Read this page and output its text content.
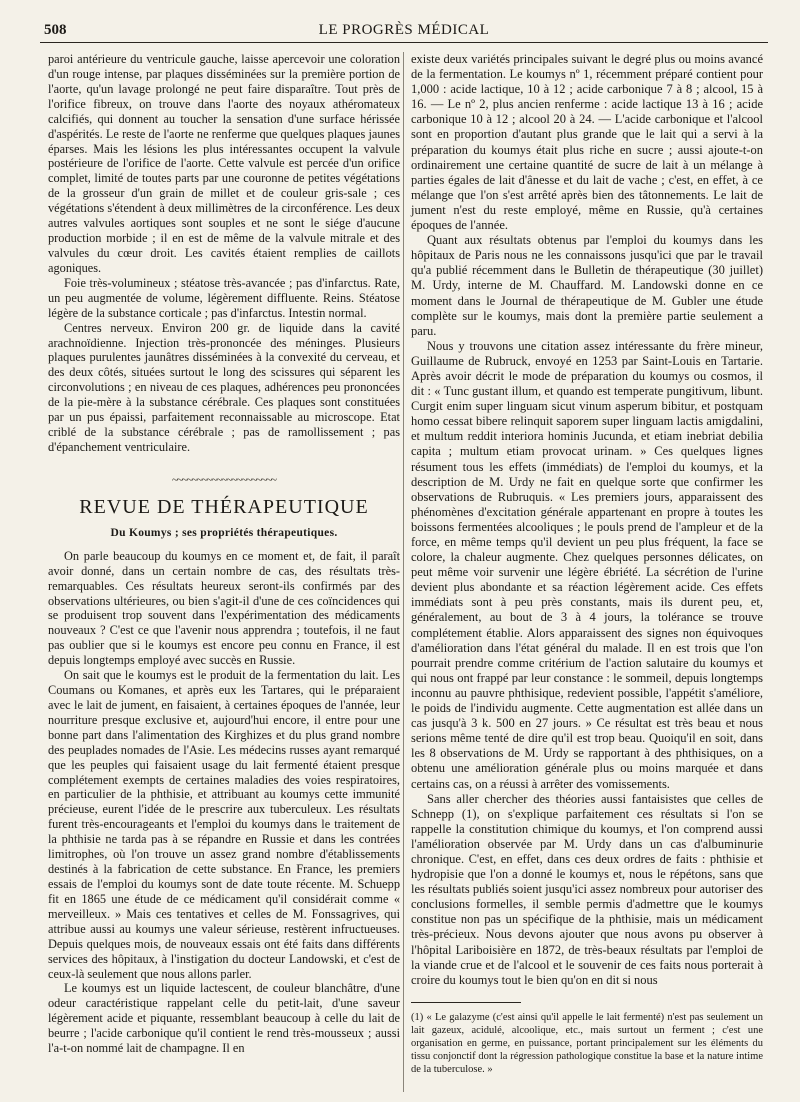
508	LE PROGRÈS MÉDICAL

paroi antérieure du ventricule gauche, laisse apercevoir une coloration d'un rouge intense, par plaques disséminées sur la première portion de l'aorte, qu'un lavage prolongé ne peut faire disparaître. Tout près de l'orifice fibreux, on trouve dans l'aorte des noyaux athéromateux calcifiés, qui donnent au toucher la sensation d'une surface hérissée d'aspérités. Le reste de l'aorte ne renferme que quelques plaques jaunes éparses. Mais les lésions les plus intéressantes occupent la valvule postérieure de l'orifice de l'aorte. Cette valvule est percée d'un orifice complet, limité de toutes parts par une couronne de petites végétations de la grosseur d'un grain de millet et de couleur gris-sale ; ces végétations s'étendent à deux millimètres de la circonférence. Les deux autres valvules aortiques sont souples et ne sont le siége d'aucune production morbide ; il en est de même de la valvule mitrale et des valvules du cœur droit. Les cavités étaient remplies de caillots agoniques.

Foie très-volumineux ; stéatose très-avancée ; pas d'infarctus. Rate, un peu augmentée de volume, légèrement diffluente. Reins. Stéatose légère de la substance corticale ; pas d'infarctus. Intestin normal.

Centres nerveux. Environ 200 gr. de liquide dans la cavité arachnoïdienne. Injection très-prononcée des méninges. Plusieurs plaques purulentes jaunâtres disséminées à la convexité du cerveau, et des deux côtés, situées surtout le long des scissures qui séparent les circonvolutions ; en niveau de ces plaques, adhérences peu prononcées de la pie-mère à la substance cérébrale. Ces plaques sont constituées par un pus épaissi, parfaitement reconnaissable au microscope. Etat criblé de la substance cérébrale ; pas de ramollissement ; pas d'épanchement ventriculaire.

~~~~~~~~~~~~~~~~~~~~~
REVUE DE THÉRAPEUTIQUE
Du Koumys ; ses propriétés thérapeutiques.

On parle beaucoup du koumys en ce moment et, de fait, il paraît avoir donné, dans un certain nombre de cas, des résultats très-remarquables. Ces résultats heureux seront-ils confirmés par des observations ultérieures, ou bien s'agit-il d'une de ces coïncidences qui se produisent trop souvent dans l'expérimentation des médicaments nouveaux ? C'est ce que l'avenir nous apprendra ; toutefois, il ne faut pas oublier que si le koumys est encore peu connu en France, il est depuis longtemps employé avec succès en Russie.

On sait que le koumys est le produit de la fermentation du lait. Les Coumans ou Komanes, et après eux les Tartares, qui le préparaient avec le lait de jument, en faisaient, à certaines époques de l'année, leur nourriture presque exclusive et, aujourd'hui encore, il entre pour une bonne part dans l'alimentation des Kirghizes et du plus grand nombre des peuplades nomades de l'Asie. Les médecins russes ayant remarqué que les peuples qui faisaient usage du lait fermenté étaient presque complétement exempts de certaines maladies des voies respiratoires, en particulier de la phthisie, et attribuant au koumys cette immunité précieuse, eurent l'idée de le prescrire aux tuberculeux. Les résultats furent très-encourageants et l'emploi du koumys dans le traitement de la phthisie ne tarda pas à se répandre en Russie et dans les contrées limitrophes, où l'on trouve un assez grand nombre d'établissements destinés à la fabrication de cette substance. En France, les premiers essais de l'emploi du koumys sont de date toute récente. M. Schuepp fit en 1865 une étude de ce médicament qu'il considérait comme « merveilleux. » Mais ces tentatives et celles de M. Fonssagrives, qui attribue aussi au koumys une valeur sérieuse, restèrent infructueuses. Depuis quelques mois, de nouveaux essais ont été faits dans différents services des hôpitaux, à l'instigation du docteur Landowski, et c'est de ceux-là seulement que nous allons parler.

Le koumys est un liquide lactescent, de couleur blanchâtre, d'une odeur caractéristique rappelant celle du petit-lait, d'une saveur légèrement acide et piquante, ressemblant beaucoup à celle du lait de beurre ; l'acide carbonique qu'il contient le rend très-mousseux ; aussi l'a-t-on nommé lait de champagne. Il en

existe deux variétés principales suivant le degré plus ou moins avancé de la fermentation. Le koumys nº 1, récemment préparé contient pour 1,000 : acide lactique, 10 à 12 ; acide carbonique 7 à 8 ; alcool, 15 à 16. — Le nº 2, plus ancien renferme : acide lactique 13 à 16 ; acide carbonique 10 à 12 ; alcool 20 à 24. — L'acide carbonique et l'alcool sont en proportion d'autant plus grande que le lait qui a servi à la préparation du koumys était plus riche en sucre ; aussi ajoute-t-on ordinairement une certaine quantité de sucre de lait à un mélange à parties égales de lait d'ânesse et du lait de vache ; c'est, en effet, à ce mélange que l'on s'est arrêté après bien des tâtonnements. Le lait de jument n'est du reste employé, même en Russie, qu'à certaines époques de l'année.

Quant aux résultats obtenus par l'emploi du koumys dans les hôpitaux de Paris nous ne les connaissons jusqu'ici que par le travail qu'a publié récemment dans le Bulletin de thérapeutique (30 juillet) M. Urdy, interne de M. Chauffard. M. Landowski donne en ce moment dans le Journal de thérapeutique de M. Gubler une étude complète sur le koumys, mais dont la première partie seulement a paru.

Nous y trouvons une citation assez intéressante du frère mineur, Guillaume de Rubruck, envoyé en 1253 par Saint-Louis en Tartarie. Après avoir décrit le mode de préparation du koumys ou cosmos, il dit : « Tunc gustant illum, et quando est temperate pungitivum, libunt. Curgit enim super linguam sicut vinum asperum bibitur, et postquam homo cessat bibere relinquit saporem super linguam lactis amigdalini, et multum reddit interiora hominis Jucunda, et etiam inebriat debilia capita ; multum etiam provocat urinam. » Ces quelques lignes résument tous les effets (immédiats) de l'emploi du koumys, et la description de M. Urdy ne fait en quelque sorte que confirmer les observations de Rubruquis. « Les premiers jours, apparaissent des phénomènes d'excitation générale appartenant en propre à toutes les boissons fermentées alcooliques ; le pouls prend de l'ampleur et de la force, en même temps qu'il devient un peu plus fréquent, la face se colore, la chaleur augmente. Chez quelques personnes délicates, on peut même voir survenir une légère ébriété. La sécrétion de l'urine devient plus abondante et sa réaction légèrement acide. Ces effets immédiats sont à peu près constants, mais ils durent peu, et, généralement, au bout de 3 à 4 jours, la tolérance se trouve complétement établie. Alors apparaissent des signes non équivoques d'amélioration dans l'état général du malade. Il en est trois que l'on pourrait prendre comme critérium de l'action salutaire du koumys et qui nous ont frappé par leur constance : le sommeil, depuis longtemps inconnu au pauvre phthisique, redevient possible, l'appétit s'améliore, le poids de l'individu augmente. Cette augmentation est allée dans un cas jusqu'à 3 k. 500 en 27 jours. » Ce résultat est très beau et nous serions même tenté de dire qu'il est trop beau. Quoiqu'il en soit, dans les 8 observations de M. Urdy se rapportant à des phthisiques, on a obtenu une amélioration générale plus ou moins marquée et dans certains cas, on a réussi à arrêter des vomissements.

Sans aller chercher des théories aussi fantaisistes que celles de Schnepp (1), on s'explique parfaitement ces résultats si l'on se rappelle la constitution chimique du koumys, et l'on comprend aussi l'amélioration observée par M. Urdy dans un cas d'albuminurie chronique. C'est, en effet, dans ces deux ordres de faits : phthisie et hydropisie que l'on a donné le koumys et, nous le répétons, sans que les résultats publiés soient jusqu'ici assez nombreux pour autoriser des conclusions formelles, il semble permis d'admettre que le koumys constitue non pas un spécifique de la phthisie, mais un médicament très-précieux. Nous devons ajouter que nous avons pu observer à l'hôpital Lariboisière en 1872, de très-beaux résultats par l'emploi de la viande crue et de l'alcool et le souvenir de ces faits nous porterait à croire du koumys tout le bien qu'on en dit si nous

(1) « Le galazyme (c'est ainsi qu'il appelle le lait fermenté) n'est pas seulement un lait gazeux, acidulé, alcoolique, etc., mais surtout un ferment ; c'est une organisation en germe, en puissance, portant principalement sur les éléments du tissu conjonctif dont la régression pathologique constitue la base et la nature intime de la tuberculose. »
